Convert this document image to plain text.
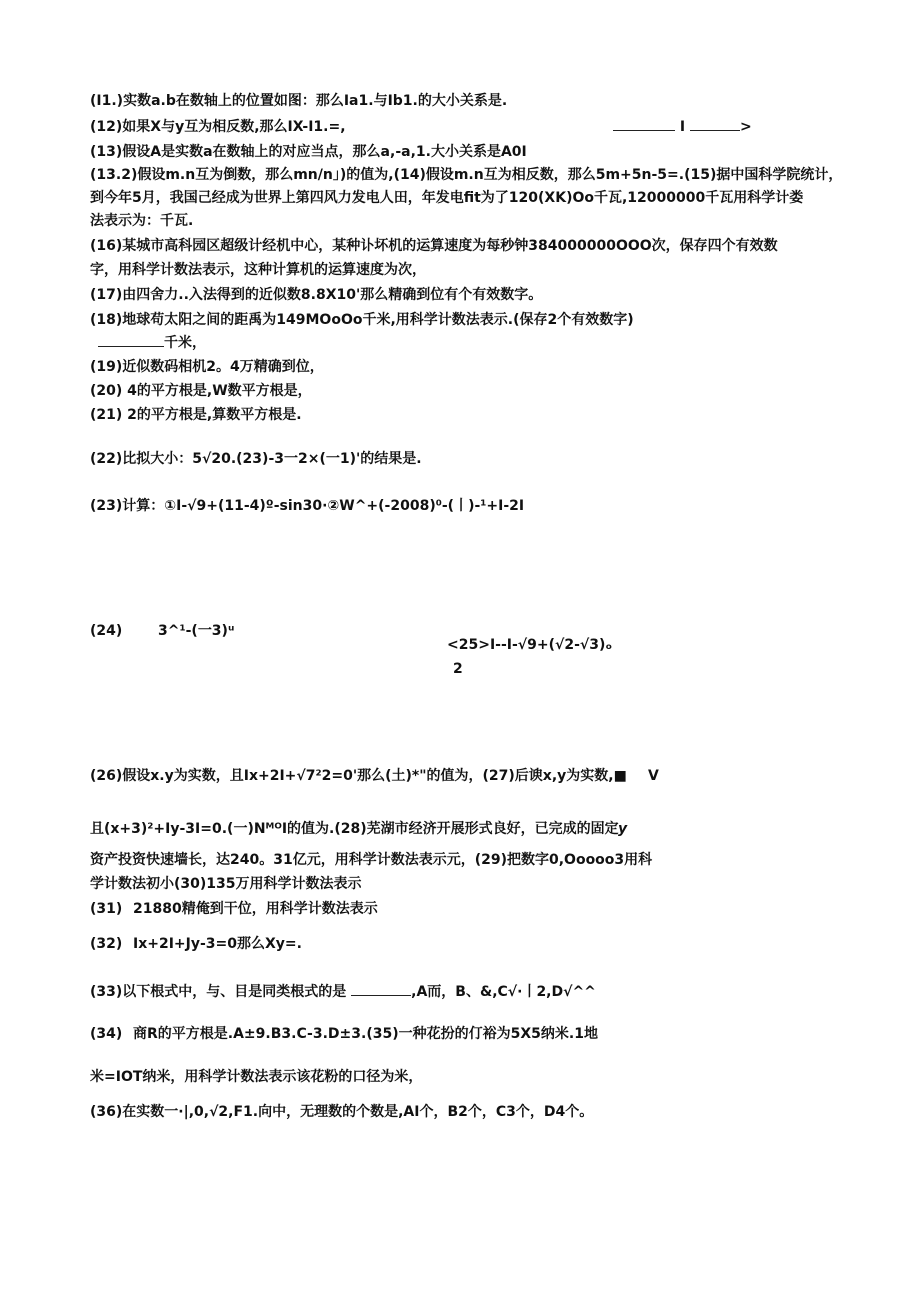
(I1.)实数a.b在数轴上的位置如图：那么Ia1.与Ib1.的大小关系是.
(12)如果X与y互为相反数,那么IX-I1.=,	I	>
(13)假设A是实数a在数轴上的对应当点，那么a,-a,1.大小关系是A0I
(13.2)假设m.n互为倒数，那么mn/n」)的值为,(14)假设m.n互为相反数，那么5m+5n-5=.(15)据中国科学院统计，
到今年5月，我国己经成为世界上第四风力发电人田，年发电fit为了120(XK)Oo千瓦,12000000千瓦用科学计娄
法表示为：千瓦.
(16)某城市高科园区超级计经机中心，某种讣坏机的运算速度为每秒钟384000000OOO次，保存四个有效数
字，用科学计数法表示，这种计算机的运算速度为次，
(17)由四舍力..入法得到的近似数8.8X10'那么精确到位有个有效数字。
(18)地球苟太阳之间的距禹为149MOoOo千米,用科学计数法表示.(保存2个有效数字)
千米，
(19)近似数码相机2。4万精确到位，
(20) 4的平方根是,W数平方根是，
(21) 2的平方根是,算数平方根是.
(22)比拟大小：5√20.(23)-3一2×(一1)'的结果是.
(23)计算：①I-√9+(11-4)º-sin30·②W^+(-2008)⁰-(丨)-¹+I-2I
(24)	3^¹-(一3)ᵘ
<25>I--I-√9+(√2-√3)ₒ
2
(26)假设x.y为实数，且Ix+2I+√7²2=0'那么(土)*"的值为，(27)后谀x,y为实数,■ V
且(x+3)²+Iy-3I=0.(一)NᴹᴼI的值为.(28)芜湖市经济开展形式良好，已完成的固定 y
资产投资快速墙长，达240。31亿元，用科学计数法表示元，(29)把数字0,Ooooo3用科
学计数法初小(30)135万用科学计数法表示
(31) 21880精俺到干位，用科学计数法表示
(32) Ix+2I+Jy-3=0那么Xy=.
(33)以下根式中，与、目是同类根式的是	,A而，B、&,C√·丨2,D√^^
(34) 商R的平方根是.A±9.B3.C-3.D±3.(35)一种花扮的仃裕为5X5纳米.1地
米=IOT纳米，用科学计数法表示该花粉的口径为米，
(36)在实数一·|,0,√2,F1.向中，无理数的个数是,AI个，B2个，C3个，D4个。
